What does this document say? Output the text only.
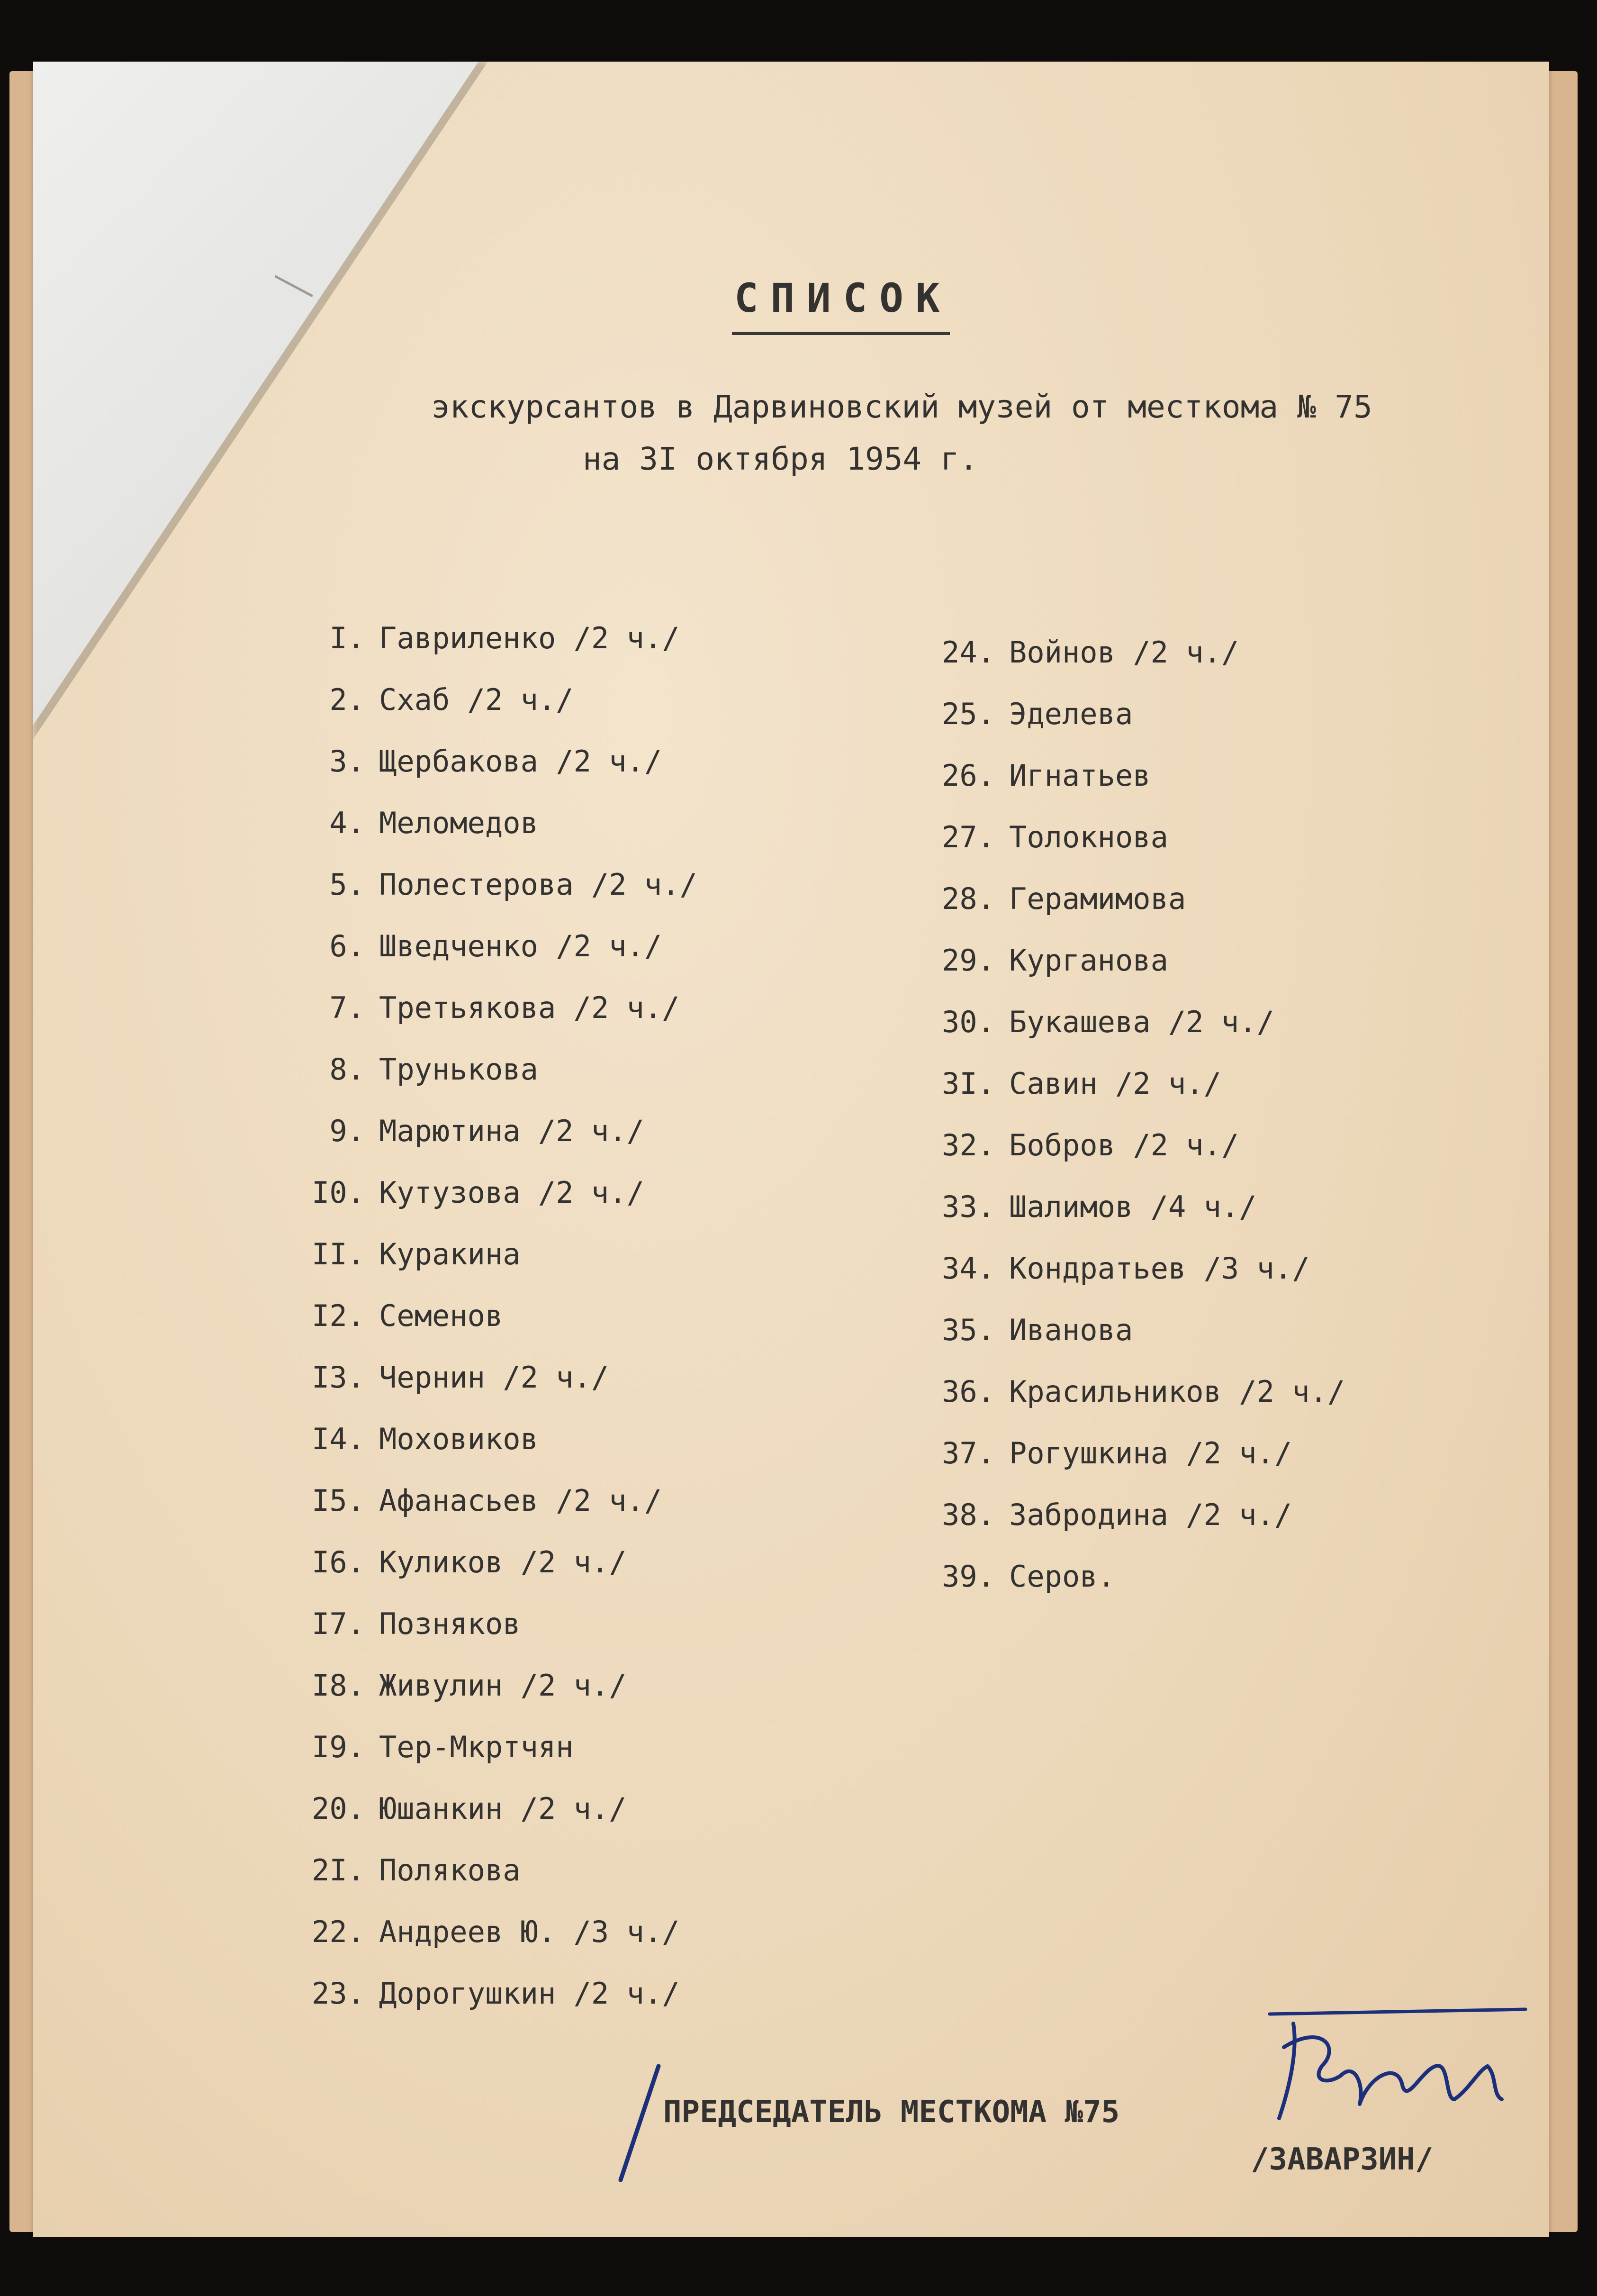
СПИСОК
экскурсантов в Дарвиновский музей от месткома № 75
на 3I октября 1954 г.
I. Гавриленко /2 ч./
2. Схаб /2 ч./
3. Щербакова /2 ч./
4. Меломедов
5. Полестерова /2 ч./
6. Шведченко /2 ч./
7. Третьякова /2 ч./
8. Трунькова
9. Марютина /2 ч./
I0. Кутузова /2 ч./
II. Куракина
I2. Семенов
I3. Чернин /2 ч./
I4. Моховиков
I5. Афанасьев /2 ч./
I6. Куликов /2 ч./
I7. Позняков
I8. Живулин /2 ч./
I9. Тер-Мкртчян
20. Юшанкин /2 ч./
2I. Полякова
22. Андреев Ю. /3 ч./
23. Дорогушкин /2 ч./
24. Войнов /2 ч./
25. Эделева
26. Игнатьев
27. Толокнова
28. Герамимова
29. Курганова
30. Букашева /2 ч./
3I. Савин /2 ч./
32. Бобров /2 ч./
33. Шалимов /4 ч./
34. Кондратьев /3 ч./
35. Иванова
36. Красильников /2 ч./
37. Рогушкина /2 ч./
38. Забродина /2 ч./
39. Серов.
ПРЕДСЕДАТЕЛЬ МЕСТКОМА №75
/ЗАВАРЗИН/
